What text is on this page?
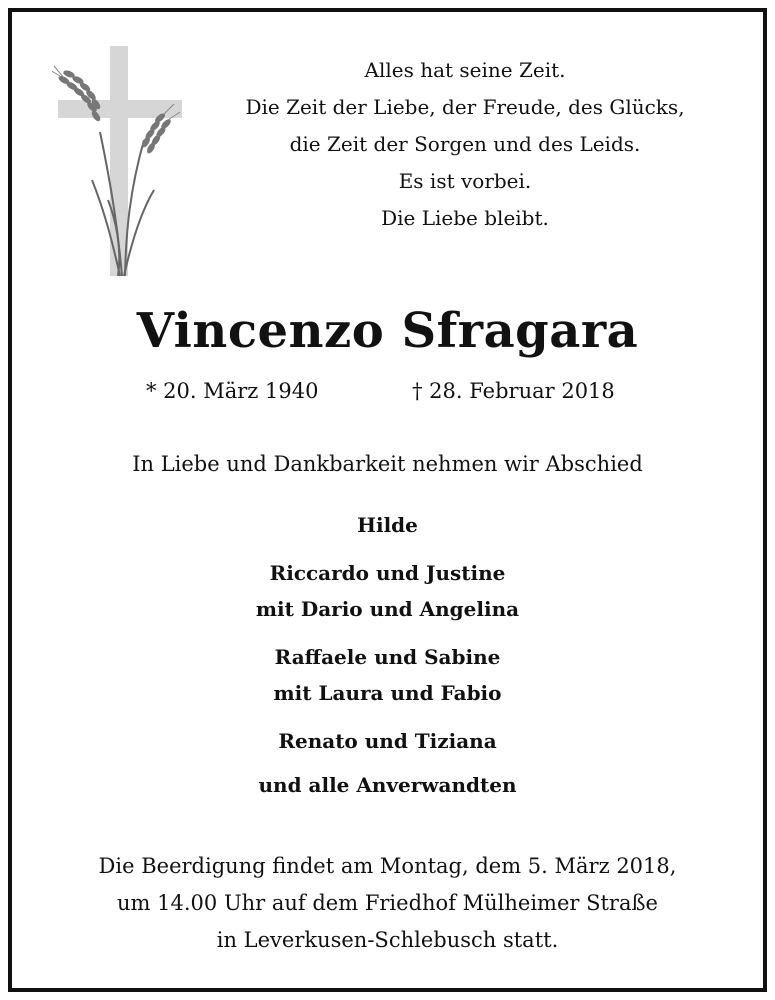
Alles hat seine Zeit.
Die Zeit der Liebe, der Freude, des Glücks,
die Zeit der Sorgen und des Leids.
Es ist vorbei.
Die Liebe bleibt.
Vincenzo Sfragara
* 20. März 1940	† 28. Februar 2018
In Liebe und Dankbarkeit nehmen wir Abschied
Hilde
Riccardo und Justine
mit Dario und Angelina
Raffaele und Sabine
mit Laura und Fabio
Renato und Tiziana
und alle Anverwandten
Die Beerdigung findet am Montag, dem 5. März 2018,
um 14.00 Uhr auf dem Friedhof Mülheimer Straße
in Leverkusen-Schlebusch statt.
